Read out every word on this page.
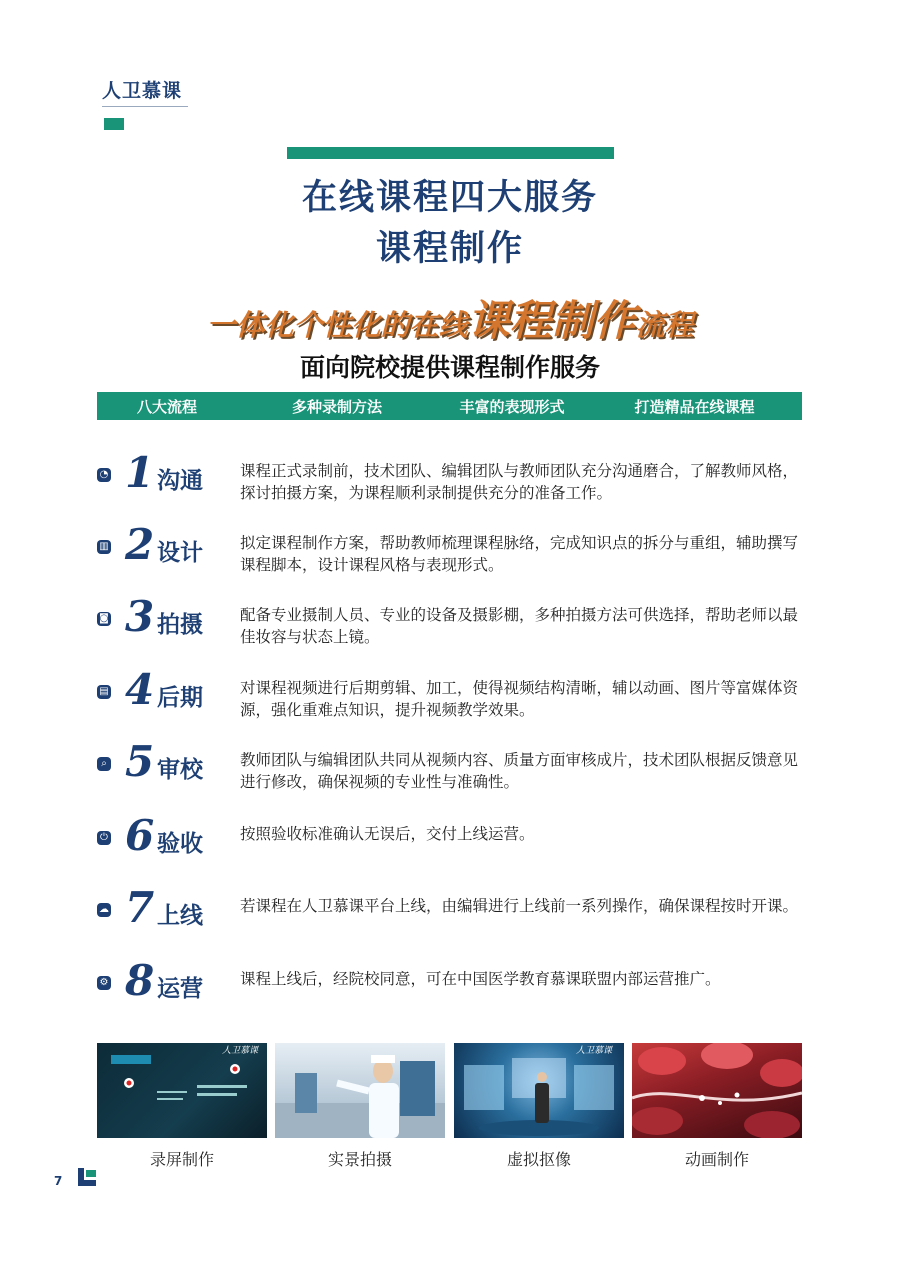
人卫慕课
在线课程四大服务
课程制作
一体化个性化的在线课程制作流程
面向院校提供课程制作服务
八大流程	多种录制方法	丰富的表现形式	打造精品在线课程
◔ 1 沟通 课程正式录制前，技术团队、编辑团队与教师团队充分沟通磨合，了解教师风格，探讨拍摄方案，为课程顺利录制提供充分的准备工作。
▥ 2 设计 拟定课程制作方案，帮助教师梳理课程脉络，完成知识点的拆分与重组，辅助撰写课程脚本，设计课程风格与表现形式。
◙ 3 拍摄 配备专业摄制人员、专业的设备及摄影棚，多种拍摄方法可供选择，帮助老师以最佳妆容与状态上镜。
▤ 4 后期 对课程视频进行后期剪辑、加工，使得视频结构清晰，辅以动画、图片等富媒体资源，强化重难点知识，提升视频教学效果。
⌕ 5 审校 教师团队与编辑团队共同从视频内容、质量方面审核成片，技术团队根据反馈意见进行修改，确保视频的专业性与准确性。
⏻ 6 验收 按照验收标准确认无误后，交付上线运营。
☁ 7 上线 若课程在人卫慕课平台上线，由编辑进行上线前一系列操作，确保课程按时开课。
⚙ 8 运营 课程上线后，经院校同意，可在中国医学教育慕课联盟内部运营推广。
人卫慕课	人卫慕课
录屏制作	实景拍摄	虚拟抠像	动画制作
7
